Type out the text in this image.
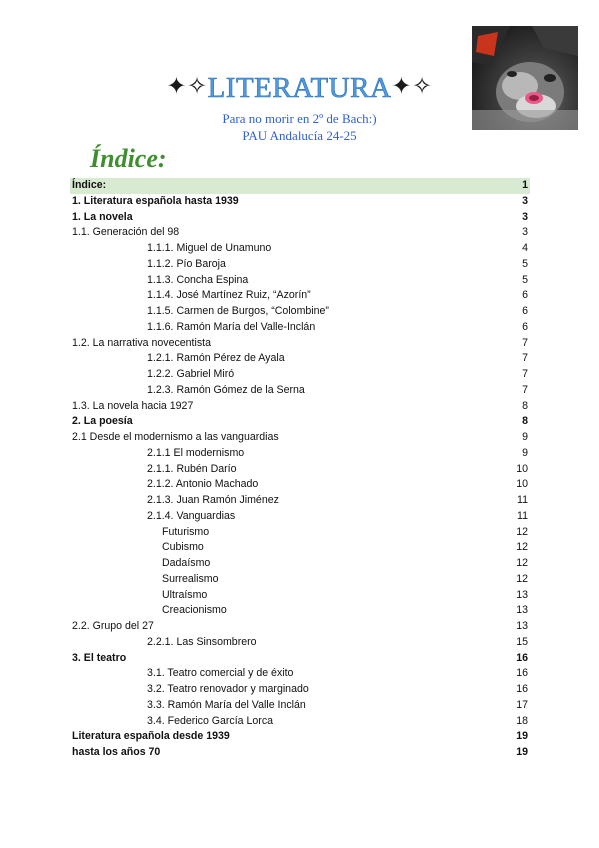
✦✧LITERATURA✦✧
Para no morir en 2º de Bach:)
PAU Andalucía 24-25
Índice:
Índice:	1
1. Literatura española hasta 1939	3
1. La novela	3
1.1. Generación del 98	3
1.1.1. Miguel de Unamuno	4
1.1.2. Pío Baroja	5
1.1.3. Concha Espina	5
1.1.4. José Martínez Ruiz, “Azorín”	6
1.1.5. Carmen de Burgos, “Colombine”	6
1.1.6. Ramón María del Valle-Inclán	6
1.2. La narrativa novecentista	7
1.2.1. Ramón Pérez de Ayala	7
1.2.2. Gabriel Miró	7
1.2.3. Ramón Gómez de la Serna	7
1.3. La novela hacia 1927	8
2. La poesía	8
2.1 Desde el modernismo a las vanguardias	9
2.1.1 El modernismo	9
2.1.1. Rubén Darío	10
2.1.2. Antonio Machado	10
2.1.3. Juan Ramón Jiménez	11
2.1.4. Vanguardias	11
Futurismo	12
Cubismo	12
Dadaísmo	12
Surrealismo	12
Ultraísmo	13
Creacionismo	13
2.2. Grupo del 27	13
2.2.1. Las Sinsombrero	15
3. El teatro	16
3.1. Teatro comercial y de éxito	16
3.2. Teatro renovador y marginado	16
3.3. Ramón María del Valle Inclán	17
3.4. Federico García Lorca	18
Literatura española desde 1939	19
hasta los años 70	19
